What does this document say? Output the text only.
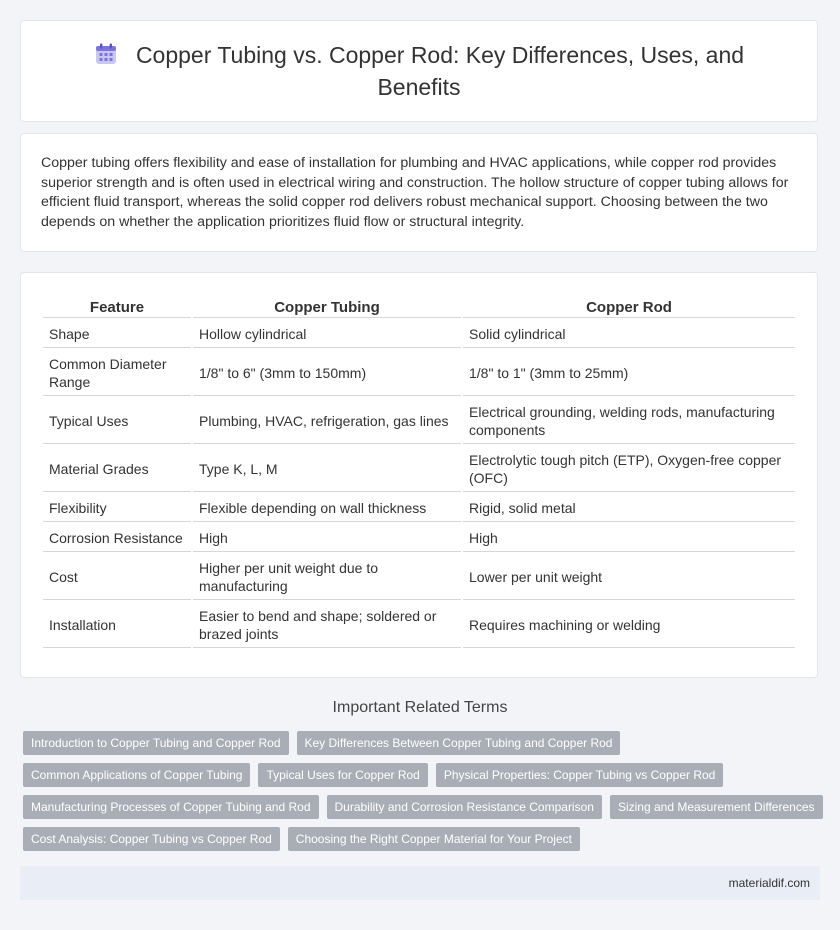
Copper Tubing vs. Copper Rod: Key Differences, Uses, and Benefits

Copper tubing offers flexibility and ease of installation for plumbing and HVAC applications, while copper rod provides superior strength and is often used in electrical wiring and construction. The hollow structure of copper tubing allows for efficient fluid transport, whereas the solid copper rod delivers robust mechanical support. Choosing between the two depends on whether the application prioritizes fluid flow or structural integrity.

Feature	Copper Tubing	Copper Rod
Shape	Hollow cylindrical	Solid cylindrical
Common Diameter Range	1/8" to 6" (3mm to 150mm)	1/8" to 1" (3mm to 25mm)
Typical Uses	Plumbing, HVAC, refrigeration, gas lines	Electrical grounding, welding rods, manufacturing components
Material Grades	Type K, L, M	Electrolytic tough pitch (ETP), Oxygen-free copper (OFC)
Flexibility	Flexible depending on wall thickness	Rigid, solid metal
Corrosion Resistance	High	High
Cost	Higher per unit weight due to manufacturing	Lower per unit weight
Installation	Easier to bend and shape; soldered or brazed joints	Requires machining or welding
Important Related Terms
Introduction to Copper Tubing and Copper Rod	Key Differences Between Copper Tubing and Copper Rod
Common Applications of Copper Tubing	Typical Uses for Copper Rod	Physical Properties: Copper Tubing vs Copper Rod
Manufacturing Processes of Copper Tubing and Rod	Durability and Corrosion Resistance Comparison	Sizing and Measurement Differences
Cost Analysis: Copper Tubing vs Copper Rod	Choosing the Right Copper Material for Your Project
materialdif.com
